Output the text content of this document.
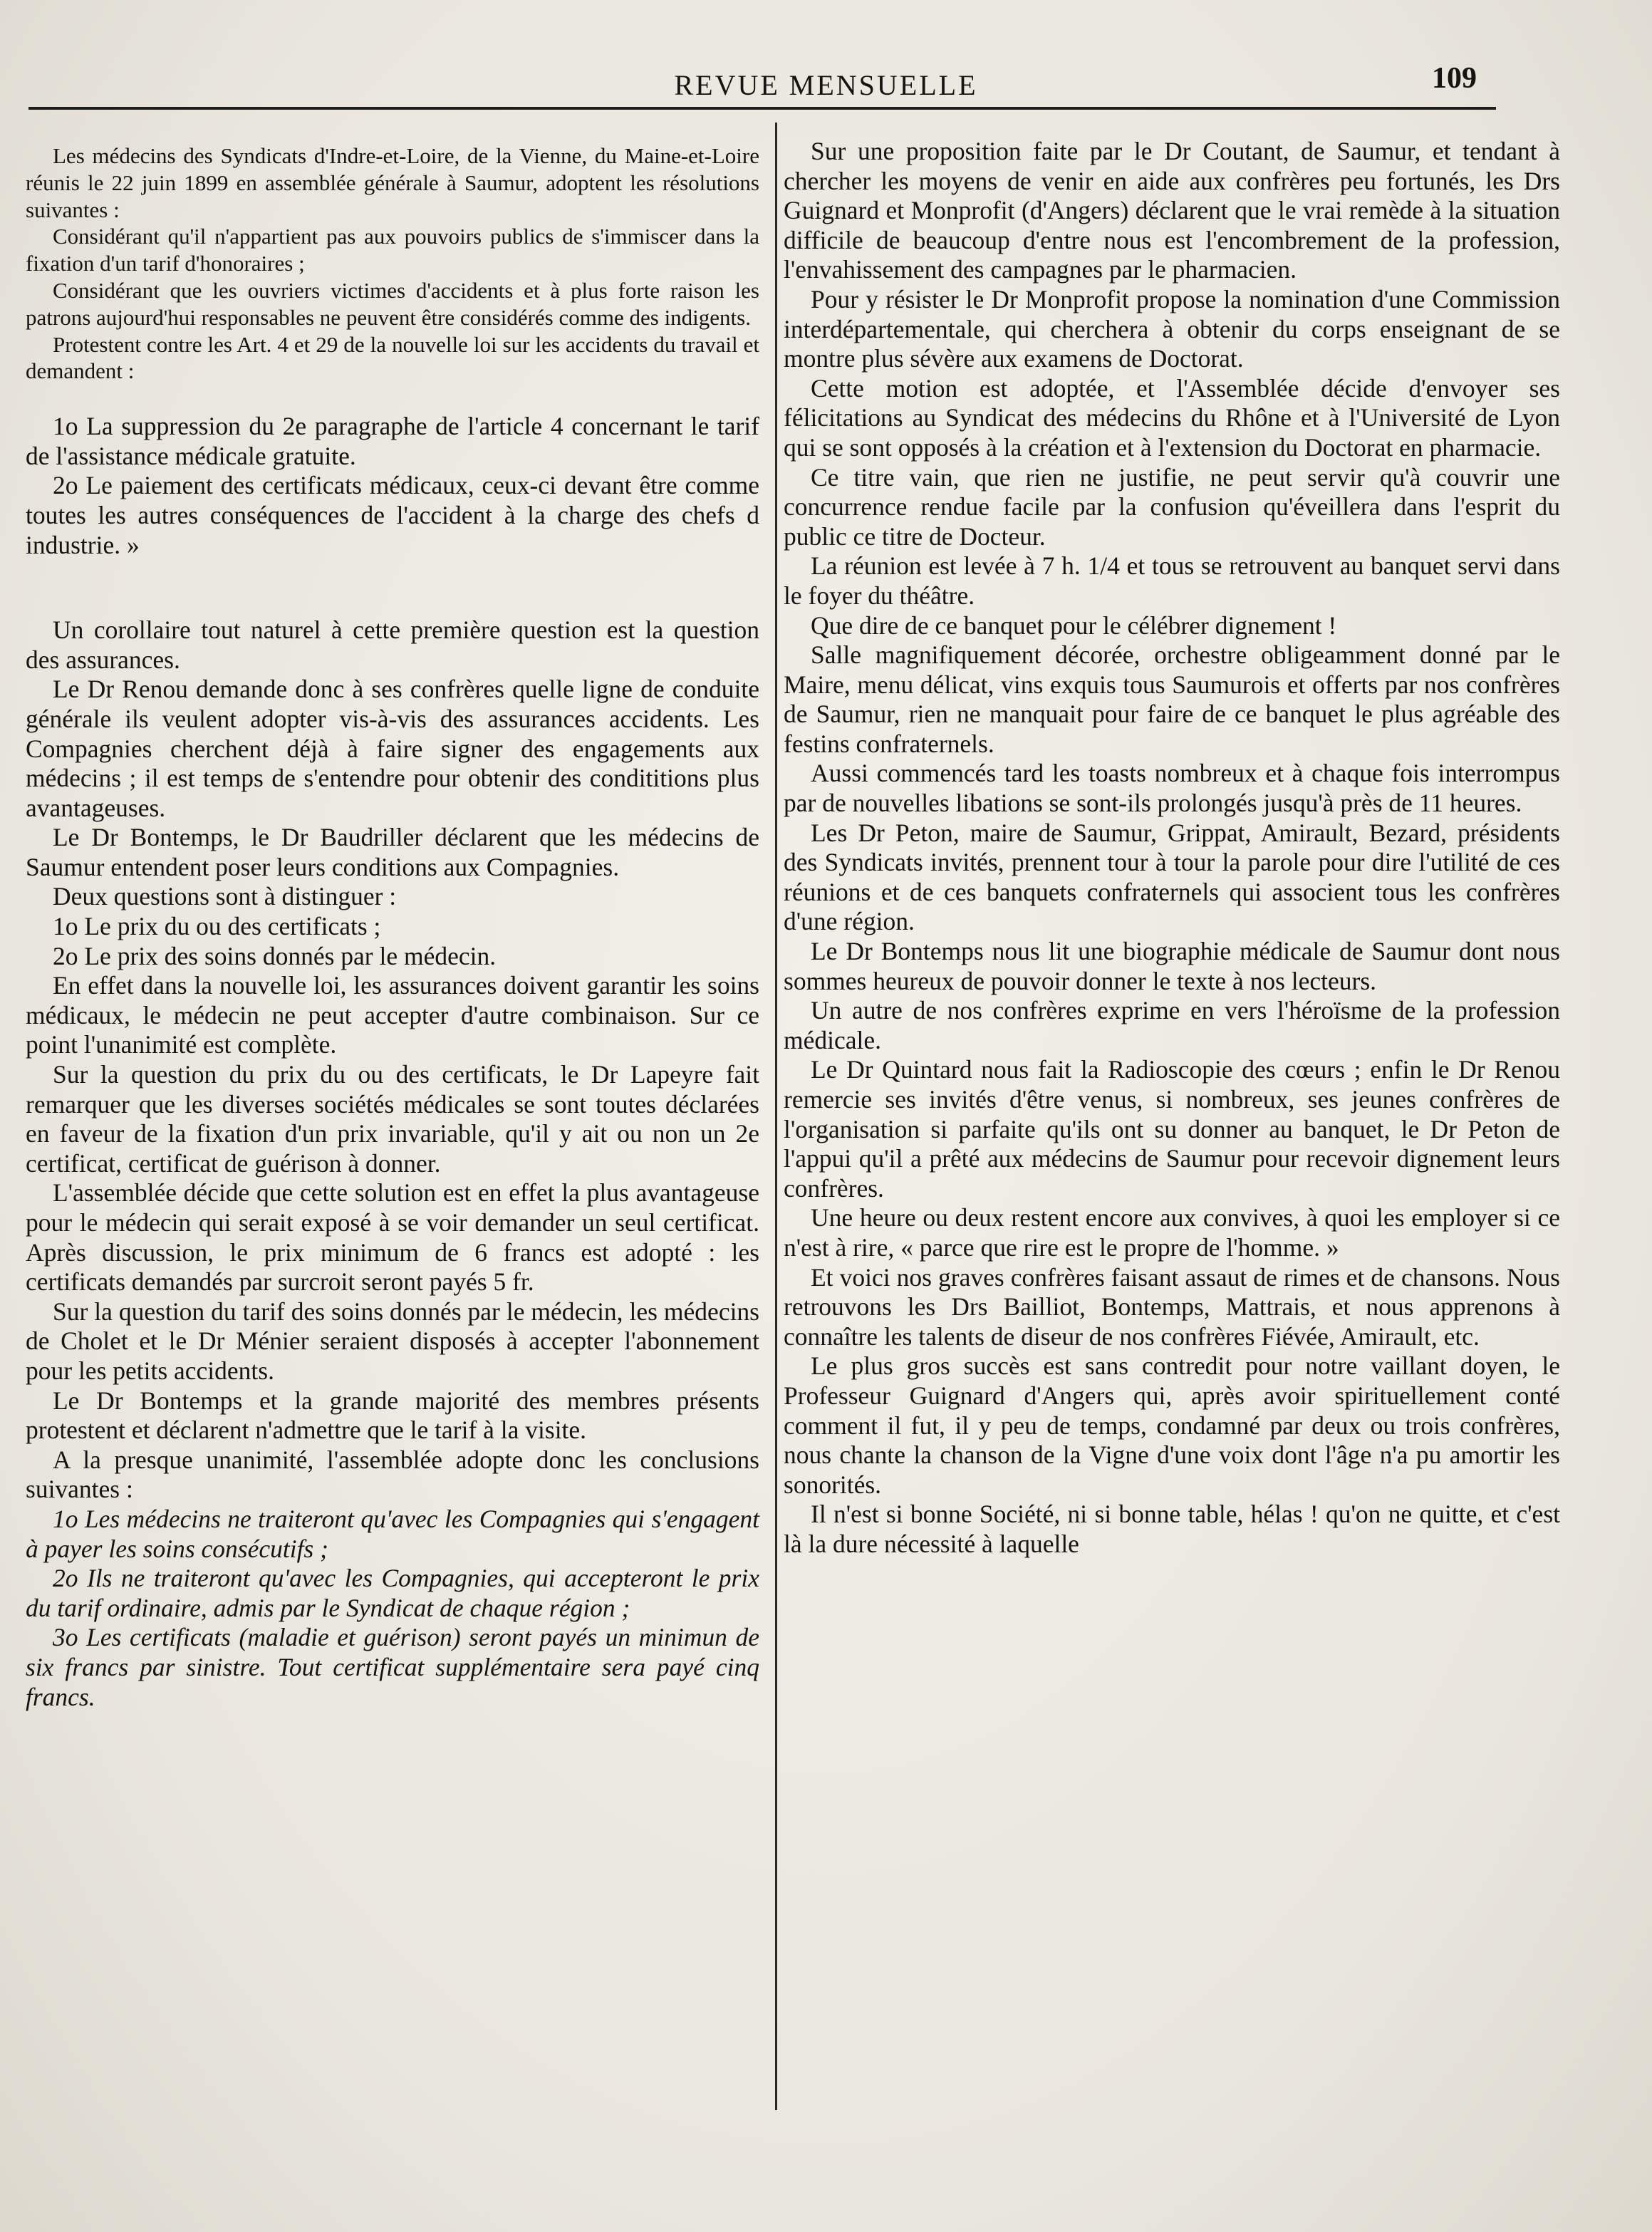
REVUE MENSUELLE	109

Les médecins des Syndicats d'Indre-et-Loire, de la Vienne, du Maine-et-Loire réunis le 22 juin 1899 en assemblée générale à Saumur, adoptent les résolutions suivantes :

Considérant qu'il n'appartient pas aux pouvoirs publics de s'immiscer dans la fixation d'un tarif d'honoraires ;

Considérant que les ouvriers victimes d'accidents et à plus forte raison les patrons aujourd'hui responsables ne peuvent être considérés comme des indigents.

Protestent contre les Art. 4 et 29 de la nouvelle loi sur les accidents du travail et demandent :

1o La suppression du 2e paragraphe de l'article 4 concernant le tarif de l'assistance médicale gratuite.

2o Le paiement des certificats médicaux, ceux-ci devant être comme toutes les autres conséquences de l'accident à la charge des chefs d industrie. »

Un corollaire tout naturel à cette première question est la question des assurances.

Le Dr Renou demande donc à ses confrères quelle ligne de conduite générale ils veulent adopter vis-à-vis des assurances accidents. Les Compagnies cherchent déjà à faire signer des engagements aux médecins ; il est temps de s'entendre pour obtenir des condititions plus avantageuses.

Le Dr Bontemps, le Dr Baudriller déclarent que les médecins de Saumur entendent poser leurs conditions aux Compagnies.

Deux questions sont à distinguer :

1o Le prix du ou des certificats ;

2o Le prix des soins donnés par le médecin.

En effet dans la nouvelle loi, les assurances doivent garantir les soins médicaux, le médecin ne peut accepter d'autre combinaison. Sur ce point l'unanimité est complète.

Sur la question du prix du ou des certificats, le Dr Lapeyre fait remarquer que les diverses sociétés médicales se sont toutes déclarées en faveur de la fixation d'un prix invariable, qu'il y ait ou non un 2e certificat, certificat de guérison à donner.

L'assemblée décide que cette solution est en effet la plus avantageuse pour le médecin qui serait exposé à se voir demander un seul certificat. Après discussion, le prix minimum de 6 francs est adopté : les certificats demandés par surcroit seront payés 5 fr.

Sur la question du tarif des soins donnés par le médecin, les médecins de Cholet et le Dr Ménier seraient disposés à accepter l'abonnement pour les petits accidents.

Le Dr Bontemps et la grande majorité des membres présents protestent et déclarent n'admettre que le tarif à la visite.

A la presque unanimité, l'assemblée adopte donc les conclusions suivantes :

1o Les médecins ne traiteront qu'avec les Compagnies qui s'engagent à payer les soins consécutifs ;

2o Ils ne traiteront qu'avec les Compagnies, qui accepteront le prix du tarif ordinaire, admis par le Syndicat de chaque région ;

3o Les certificats (maladie et guérison) seront payés un minimun de six francs par sinistre. Tout certificat supplémentaire sera payé cinq francs.

Sur une proposition faite par le Dr Coutant, de Saumur, et tendant à chercher les moyens de venir en aide aux confrères peu fortunés, les Drs Guignard et Monprofit (d'Angers) déclarent que le vrai remède à la situation difficile de beaucoup d'entre nous est l'encombrement de la profession, l'envahissement des campagnes par le pharmacien.

Pour y résister le Dr Monprofit propose la nomination d'une Commission interdépartementale, qui cherchera à obtenir du corps enseignant de se montre plus sévère aux examens de Doctorat.

Cette motion est adoptée, et l'Assemblée décide d'envoyer ses félicitations au Syndicat des médecins du Rhône et à l'Université de Lyon qui se sont opposés à la création et à l'extension du Doctorat en pharmacie.

Ce titre vain, que rien ne justifie, ne peut servir qu'à couvrir une concurrence rendue facile par la confusion qu'éveillera dans l'esprit du public ce titre de Docteur.

La réunion est levée à 7 h. 1/4 et tous se retrouvent au banquet servi dans le foyer du théâtre.

Que dire de ce banquet pour le célébrer dignement !

Salle magnifiquement décorée, orchestre obligeamment donné par le Maire, menu délicat, vins exquis tous Saumurois et offerts par nos confrères de Saumur, rien ne manquait pour faire de ce banquet le plus agréable des festins confraternels.

Aussi commencés tard les toasts nombreux et à chaque fois interrompus par de nouvelles libations se sont-ils prolongés jusqu'à près de 11 heures.

Les Dr Peton, maire de Saumur, Grippat, Amirault, Bezard, présidents des Syndicats invités, prennent tour à tour la parole pour dire l'utilité de ces réunions et de ces banquets confraternels qui associent tous les confrères d'une région.

Le Dr Bontemps nous lit une biographie médicale de Saumur dont nous sommes heureux de pouvoir donner le texte à nos lecteurs.

Un autre de nos confrères exprime en vers l'héroïsme de la profession médicale.

Le Dr Quintard nous fait la Radioscopie des cœurs ; enfin le Dr Renou remercie ses invités d'être venus, si nombreux, ses jeunes confrères de l'organisation si parfaite qu'ils ont su donner au banquet, le Dr Peton de l'appui qu'il a prêté aux médecins de Saumur pour recevoir dignement leurs confrères.

Une heure ou deux restent encore aux convives, à quoi les employer si ce n'est à rire, « parce que rire est le propre de l'homme. »

Et voici nos graves confrères faisant assaut de rimes et de chansons. Nous retrouvons les Drs Bailliot, Bontemps, Mattrais, et nous apprenons à connaître les talents de diseur de nos confrères Fiévée, Amirault, etc.

Le plus gros succès est sans contredit pour notre vaillant doyen, le Professeur Guignard d'Angers qui, après avoir spirituellement conté comment il fut, il y peu de temps, condamné par deux ou trois confrères, nous chante la chanson de la Vigne d'une voix dont l'âge n'a pu amortir les sonorités.

Il n'est si bonne Société, ni si bonne table, hélas ! qu'on ne quitte, et c'est là la dure nécessité à laquelle
